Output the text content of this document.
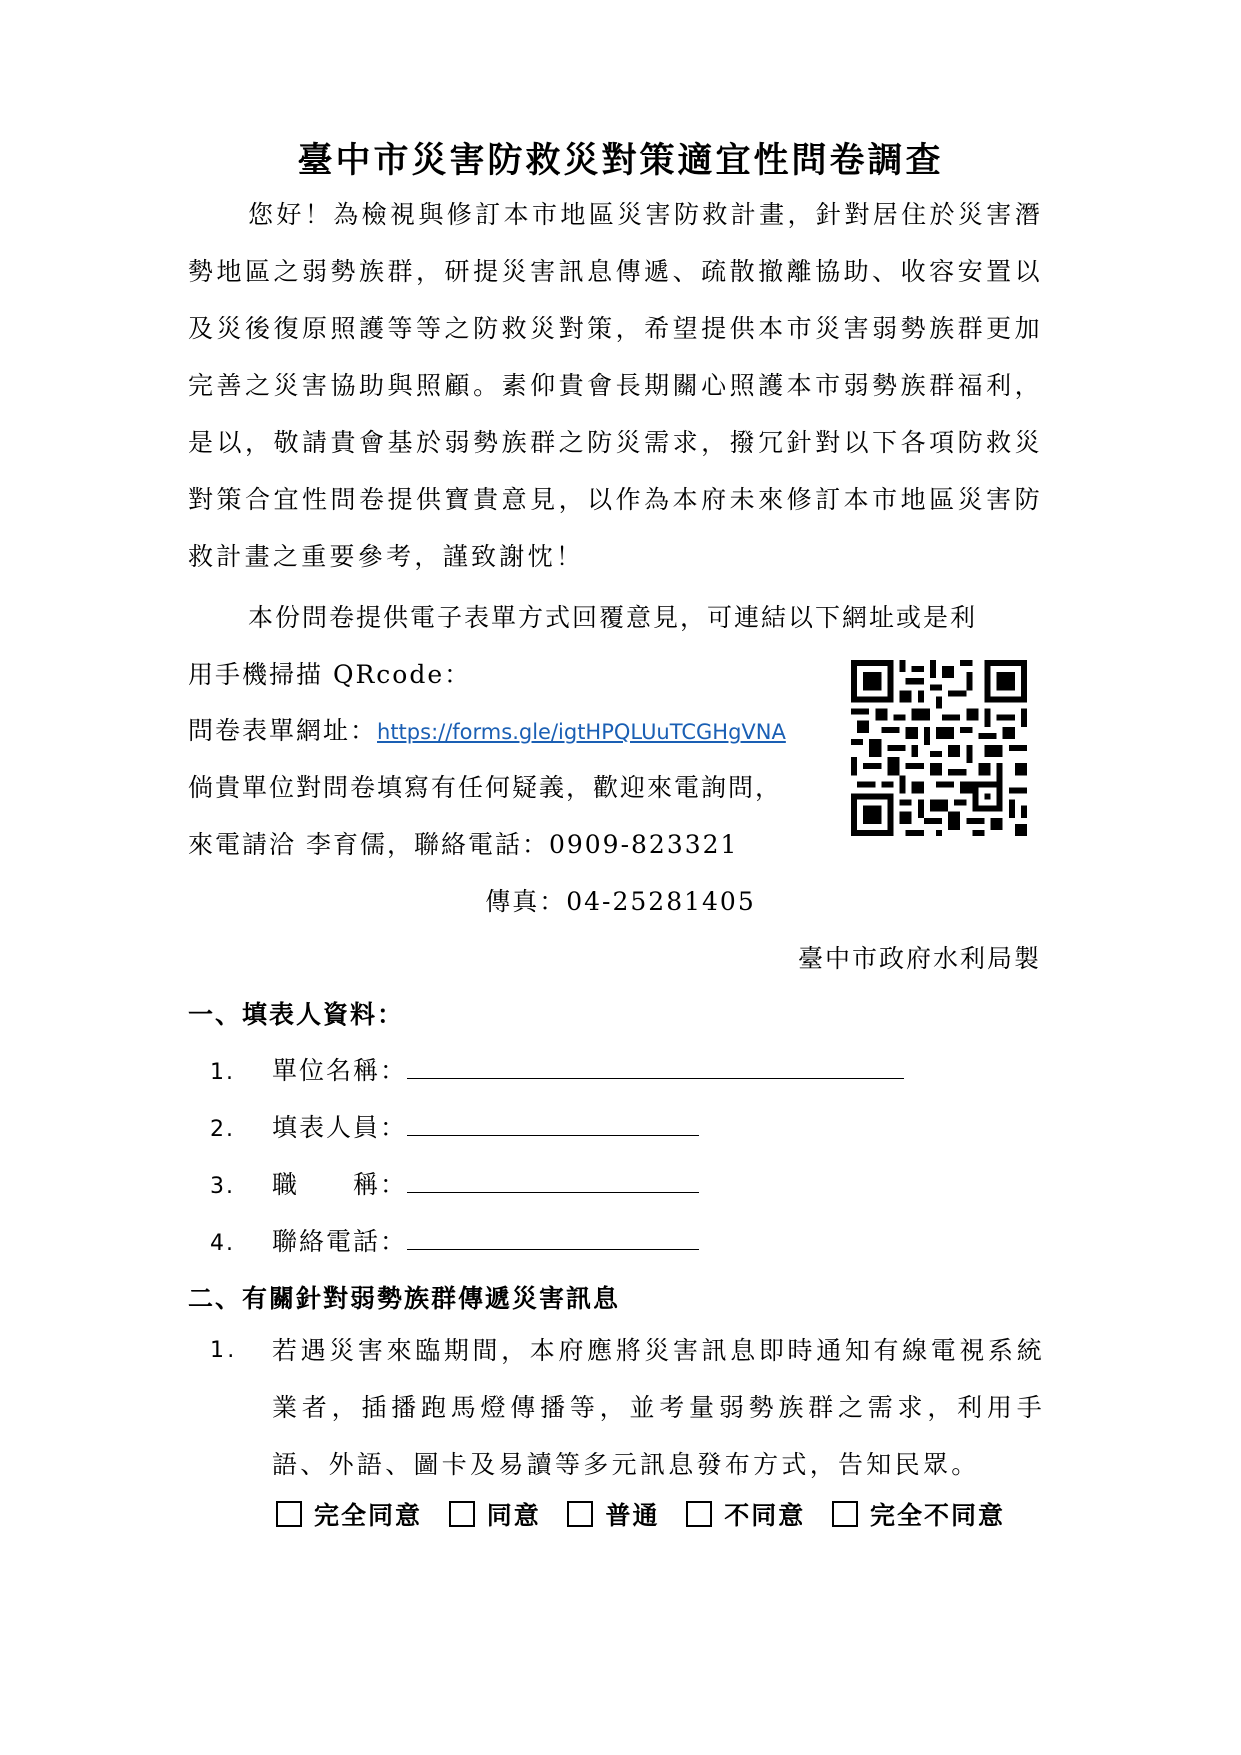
臺中市災害防救災對策適宜性問卷調查

您好！為檢視與修訂本市地區災害防救計畫，針對居住於災害潛勢地區之弱勢族群，研提災害訊息傳遞、疏散撤離協助、收容安置以及災後復原照護等等之防救災對策，希望提供本市災害弱勢族群更加完善之災害協助與照顧。素仰貴會長期關心照護本市弱勢族群福利，是以，敬請貴會基於弱勢族群之防災需求，撥冗針對以下各項防救災對策合宜性問卷提供寶貴意見，以作為本府未來修訂本市地區災害防救計畫之重要參考，謹致謝忱！

本份問卷提供電子表單方式回覆意見，可連結以下網址或是利
用手機掃描 QRcode：
問卷表單網址：https://forms.gle/igtHPQLUuTCGHgVNA
倘貴單位對問卷填寫有任何疑義，歡迎來電詢問，
來電請洽 李育儒，聯絡電話：0909-823321
傳真：04-25281405
臺中市政府水利局製
一、填表人資料：
1. 單位名稱：
2. 填表人員：
3. 職　　稱：
4. 聯絡電話：
二、有關針對弱勢族群傳遞災害訊息
1. 若遇災害來臨期間，本府應將災害訊息即時通知有線電視系統業者，插播跑馬燈傳播等，並考量弱勢族群之需求，利用手語、外語、圖卡及易讀等多元訊息發布方式，告知民眾。
完全同意	同意	普通	不同意	完全不同意
